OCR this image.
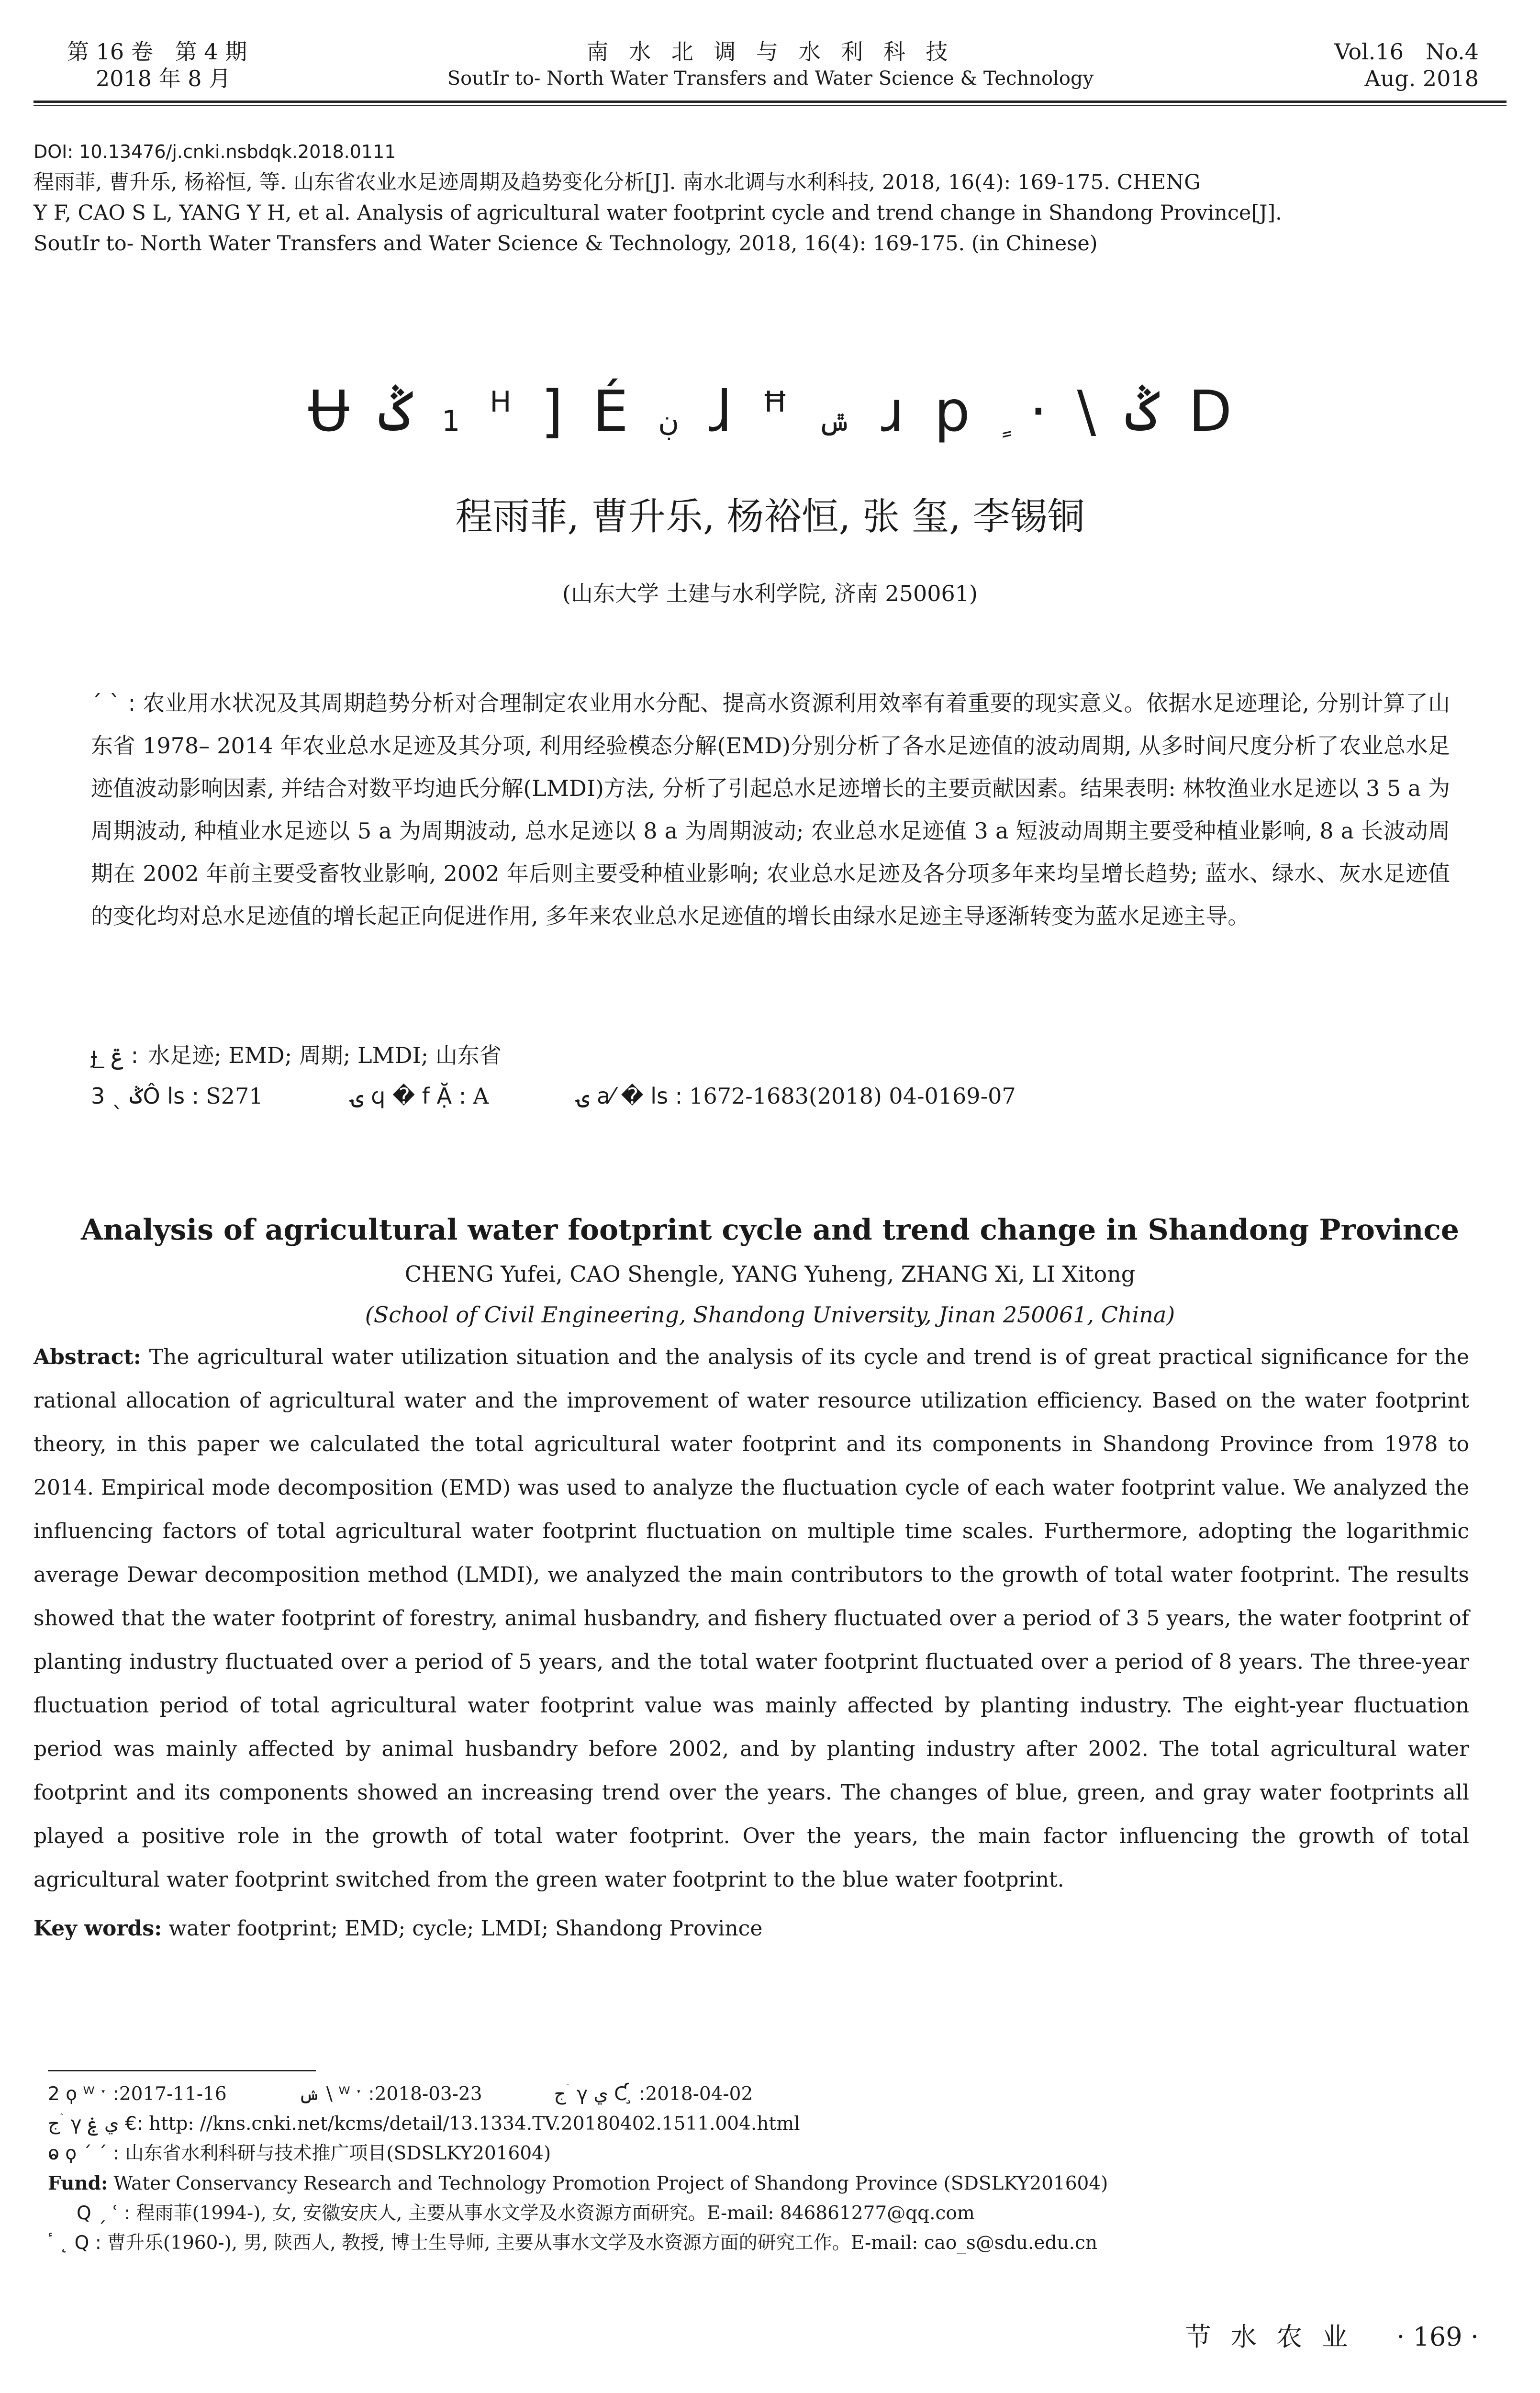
第 16 卷　第 4 期
2018 年 8 月
南 水 北 调 与 水 利 科 技
SoutIr to- North Water Transfers and Water Science & Technology
Vol.16　No.4
Aug. 2018
DOI: 10.13476/j.cnki.nsbdqk.2018.0111
程雨菲, 曹升乐, 杨裕恒, 等. 山东省农业水足迹周期及趋势变化分析[J]. 南水北调与水利科技, 2018, 16(4): 169-175. CHENG
Y F, CAO S L, YANG Y H, et al. Analysis of agricultural water footprint cycle and trend change in Shandong Province[J].
SoutIr to- North Water Transfers and Water Science & Technology, 2018, 16(4): 169-175. (in Chinese)
Ʉ ݣ 1
H ] É ڹ ɺ Ħ
ݜ ɹ p · \ ݣ D
程雨菲, 曹升乐, 杨裕恒, 张 玺, 李锡铜
(山东大学 土建与水利学院, 济南 250061)
ˊ ˋ : 农业用水状况及其周期趋势分析对合理制定农业用水分配、提高水资源利用效率有着重要的现实意义。依据水足迹理论, 分别计算了山东省 1978– 2014 年农业总水足迹及其分项, 利用经验模态分解(EMD)分别分析了各水足迹值的波动周期, 从多时间尺度分析了农业总水足迹值波动影响因素, 并结合对数平均迪氏分解(LMDI)方法, 分析了引起总水足迹增长的主要贡献因素。结果表明: 林牧渔业水足迹以 3 5 a 为周期波动, 种植业水足迹以 5 a 为周期波动, 总水足迹以 8 a 为周期波动; 农业总水足迹值 3 a 短波动周期主要受种植业影响, 8 a 长波动周期在 2002 年前主要受畜牧业影响, 2002 年后则主要受种植业影响; 农业总水足迹及各分项多年来均呈增长趋势; 蓝水、绿水、灰水足迹值的变化均对总水足迹值的增长起正向促进作用, 多年来农业总水足迹值的增长由绿水足迹主导逐渐转变为蓝水足迹主导。
ɟ ̲ ݝ : 水足迹; EMD; 周期; LMDI; 山东省
3 ˎ ݣÔ ls : S271	ۍ ϥ � f Ặ : A	ۍ a⁄ � ls : 1672-1683(2018) 04-0169-07
Analysis of agricultural water footprint cycle and trend change in Shandong Province
CHENG Yufei, CAO Shengle, YANG Yuheng, ZHANG Xi, LI Xitong
(School of Civil Engineering, Shandong University, Jinan 250061, China)
Abstract: The agricultural water utilization situation and the analysis of its cycle and trend is of great practical significance for the rational allocation of agricultural water and the improvement of water resource utilization efficiency. Based on the water footprint theory, in this paper we calculated the total agricultural water footprint and its components in Shandong Province from 1978 to 2014. Empirical mode decomposition (EMD) was used to analyze the fluctuation cycle of each water footprint value. We analyzed the influencing factors of total agricultural water footprint fluctuation on multiple time scales. Furthermore, adopting the logarithmic average Dewar decomposition method (LMDI), we analyzed the main contributors to the growth of total water footprint. The results showed that the water footprint of forestry, animal husbandry, and fishery fluctuated over a period of 3 5 years, the water footprint of planting industry fluctuated over a period of 5 years, and the total water footprint fluctuated over a period of 8 years. The three-year fluctuation period of total agricultural water footprint value was mainly affected by planting industry. The eight-year fluctuation period was mainly affected by animal husbandry before 2002, and by planting industry after 2002. The total agricultural water footprint and its components showed an increasing trend over the years. The changes of blue, green, and gray water footprints all played a positive role in the growth of total water footprint. Over the years, the main factor influencing the growth of total agricultural water footprint switched from the green water footprint to the blue water footprint.
Key words: water footprint; EMD; cycle; LMDI; Shandong Province
2 ϙ ᵂ ˑ : 2017-11-16	ݾ \ ᵂ ˑ : 2018-03-23	ج ۛ γ ي Ƈ ̧ : 2018-04-02
ج ۛ γ ي ۼ €: http: //kns.cnki.net/kcms/detail/13.1334.TV.20180402.1511.004.html
ⱺ ϙ ˊ ˊ : 山东省水利科研与技术推广项目(SDSLKY201604)
Fund: Water Conservancy Research and Technology Promotion Project of Shandong Province (SDSLKY201604)
Q ˏ ʿ : 程雨菲(1994-), 女, 安徽安庆人, 主要从事水文学及水资源方面研究。E-mail: 846861277@qq.com
ٴ ˛ Q : 曹升乐(1960-), 男, 陕西人, 教授, 博士生导师, 主要从事水文学及水资源方面的研究工作。E-mail: cao_s@sdu.edu.cn
节 水 农 业 · 169 ·
